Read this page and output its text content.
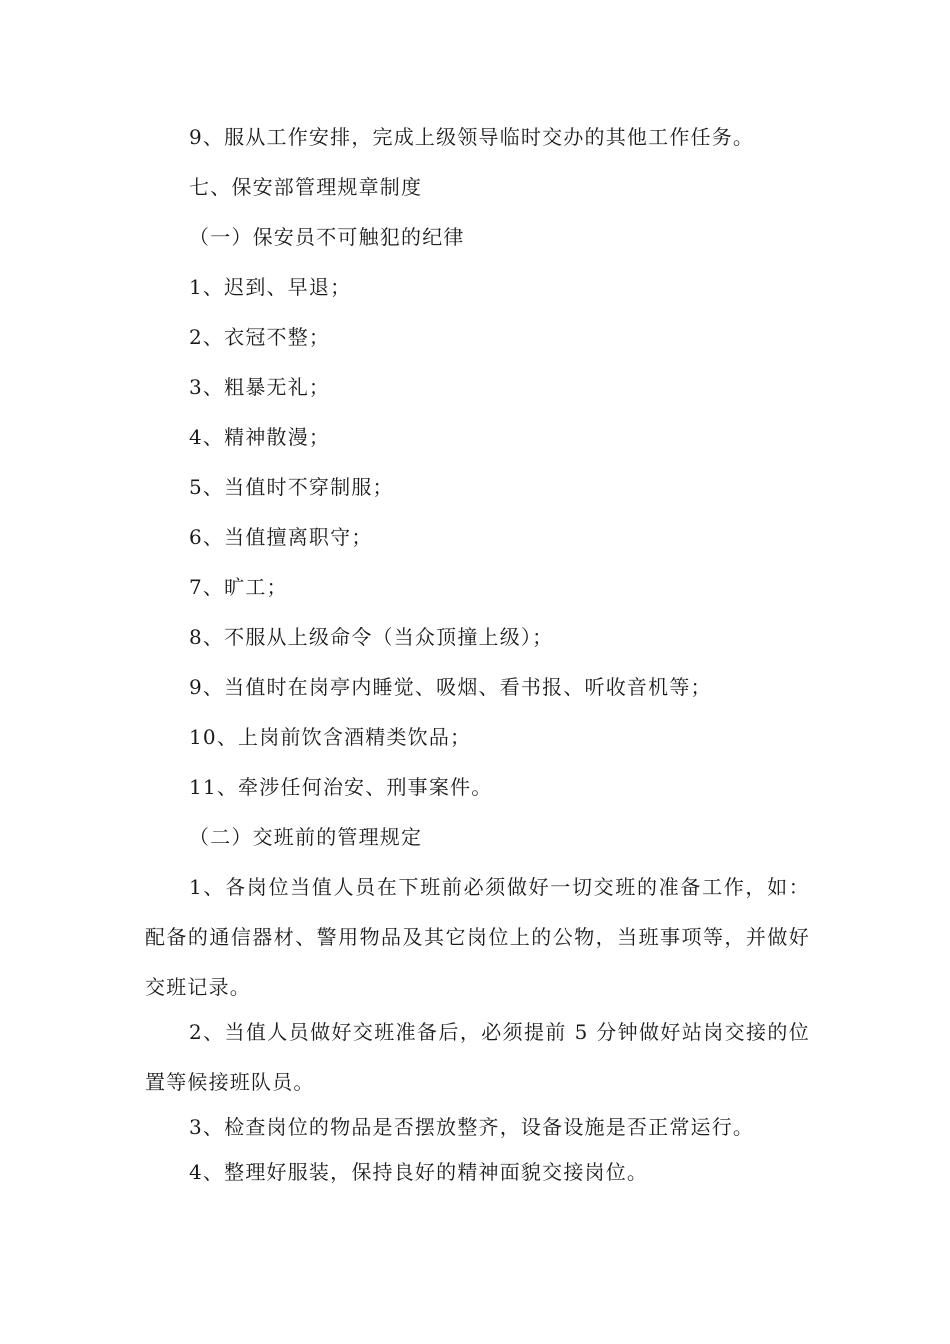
9、服从工作安排，完成上级领导临时交办的其他工作任务。
七、保安部管理规章制度
（一）保安员不可触犯的纪律
1、迟到、早退；
2、衣冠不整；
3、粗暴无礼；
4、精神散漫；
5、当值时不穿制服；
6、当值擅离职守；
7、旷工；
8、不服从上级命令（当众顶撞上级）；
9、当值时在岗亭内睡觉、吸烟、看书报、听收音机等；
10、上岗前饮含酒精类饮品；
11、牵涉任何治安、刑事案件。
（二）交班前的管理规定
1、各岗位当值人员在下班前必须做好一切交班的准备工作，如：配备的通信器材、警用物品及其它岗位上的公物，当班事项等，并做好交班记录。
2、当值人员做好交班准备后，必须提前 5 分钟做好站岗交接的位置等候接班队员。
3、检查岗位的物品是否摆放整齐，设备设施是否正常运行。
4、整理好服装，保持良好的精神面貌交接岗位。
